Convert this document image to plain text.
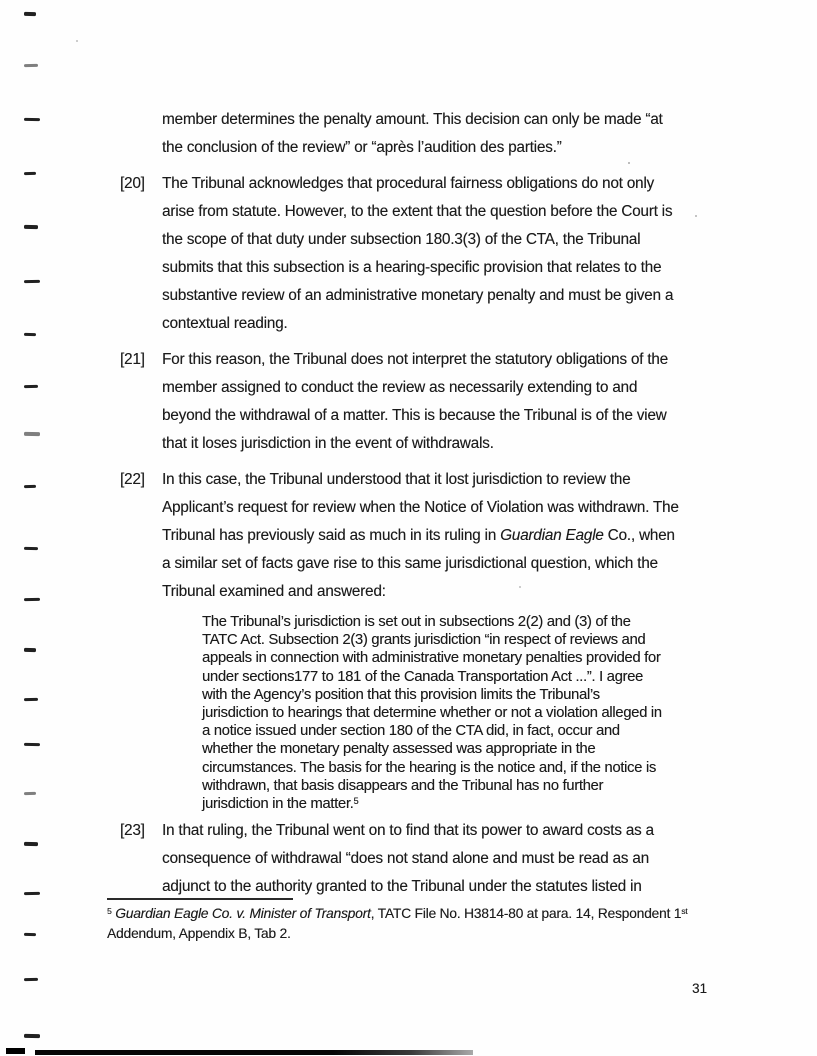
member determines the penalty amount. This decision can only be made “at
the conclusion of the review” or “après l’audition des parties.”
[20]	The Tribunal acknowledges that procedural fairness obligations do not only
arise from statute. However, to the extent that the question before the Court is
the scope of that duty under subsection 180.3(3) of the CTA, the Tribunal
submits that this subsection is a hearing-specific provision that relates to the
substantive review of an administrative monetary penalty and must be given a
contextual reading.
[21]	For this reason, the Tribunal does not interpret the statutory obligations of the
member assigned to conduct the review as necessarily extending to and
beyond the withdrawal of a matter. This is because the Tribunal is of the view
that it loses jurisdiction in the event of withdrawals.
[22]	In this case, the Tribunal understood that it lost jurisdiction to review the
Applicant’s request for review when the Notice of Violation was withdrawn. The
Tribunal has previously said as much in its ruling in Guardian Eagle Co., when
a similar set of facts gave rise to this same jurisdictional question, which the
Tribunal examined and answered:
The Tribunal’s jurisdiction is set out in subsections 2(2) and (3) of the
TATC Act. Subsection 2(3) grants jurisdiction “in respect of reviews and
appeals in connection with administrative monetary penalties provided for
under sections177 to 181 of the Canada Transportation Act ...”. I agree
with the Agency’s position that this provision limits the Tribunal’s
jurisdiction to hearings that determine whether or not a violation alleged in
a notice issued under section 180 of the CTA did, in fact, occur and
whether the monetary penalty assessed was appropriate in the
circumstances. The basis for the hearing is the notice and, if the notice is
withdrawn, that basis disappears and the Tribunal has no further
jurisdiction in the matter.$^5$
[23]	In that ruling, the Tribunal went on to find that its power to award costs as a
consequence of withdrawal “does not stand alone and must be read as an
adjunct to the authority granted to the Tribunal under the statutes listed in
$^5$ Guardian Eagle Co. v. Minister of Transport, TATC File No. H3814-80 at para. 14, Respondent 1st
Addendum, Appendix B, Tab 2.
31
